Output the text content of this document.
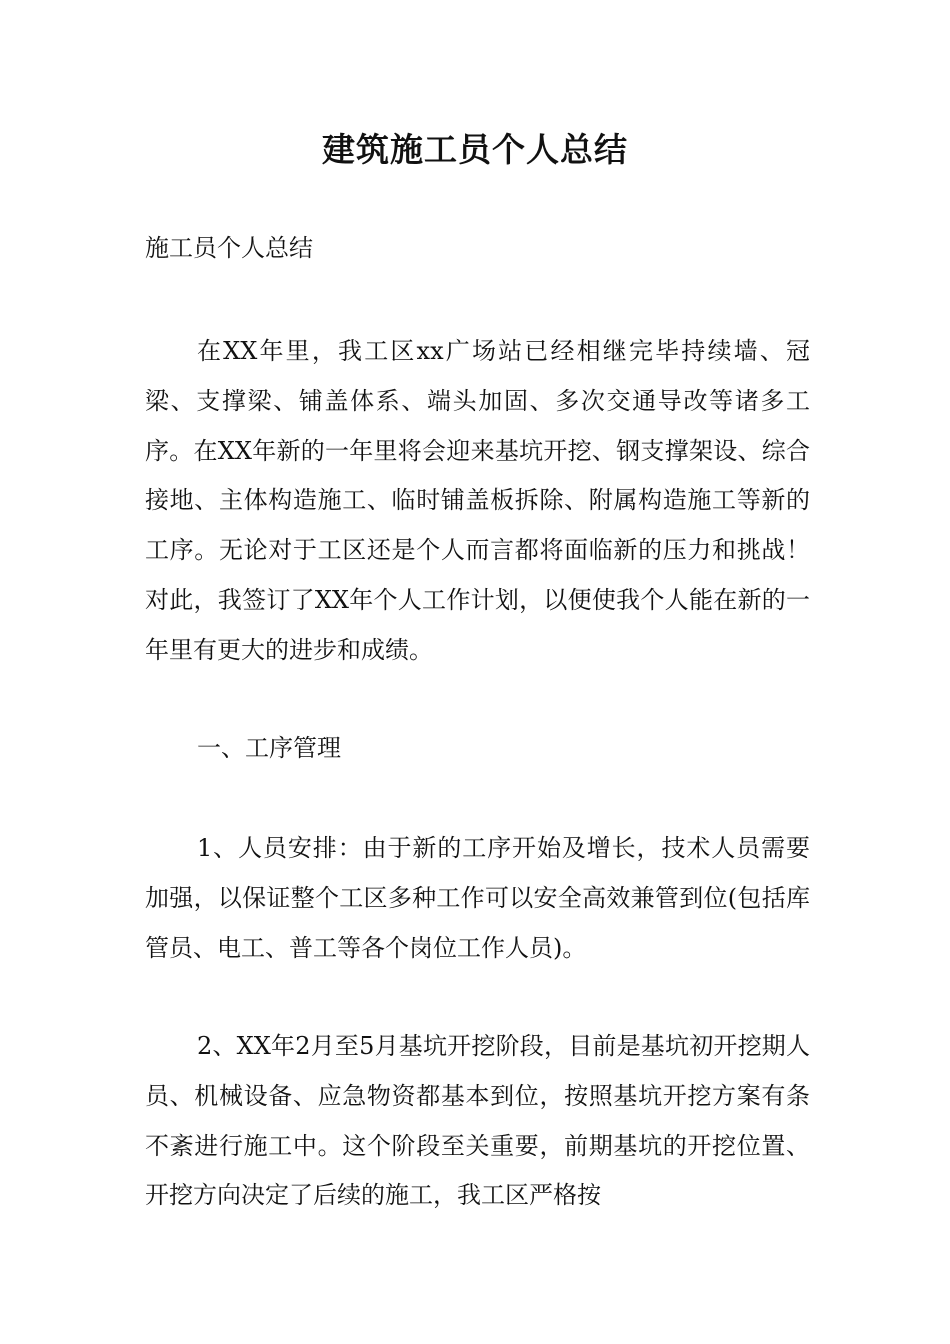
建筑施工员个人总结

施工员个人总结

在XX年里，我工区xx广场站已经相继完毕持续墙、冠梁、支撑梁、铺盖体系、端头加固、多次交通导改等诸多工序。在XX年新的一年里将会迎来基坑开挖、钢支撑架设、综合接地、主体构造施工、临时铺盖板拆除、附属构造施工等新的工序。无论对于工区还是个人而言都将面临新的压力和挑战！对此，我签订了XX年个人工作计划，以便使我个人能在新的一年里有更大的进步和成绩。

一、工序管理

1、人员安排：由于新的工序开始及增长，技术人员需要加强，以保证整个工区多种工作可以安全高效兼管到位(包括库管员、电工、普工等各个岗位工作人员)。

2、XX年2月至5月基坑开挖阶段，目前是基坑初开挖期人员、机械设备、应急物资都基本到位，按照基坑开挖方案有条不紊进行施工中。这个阶段至关重要，前期基坑的开挖位置、开挖方向决定了后续的施工，我工区严格按
